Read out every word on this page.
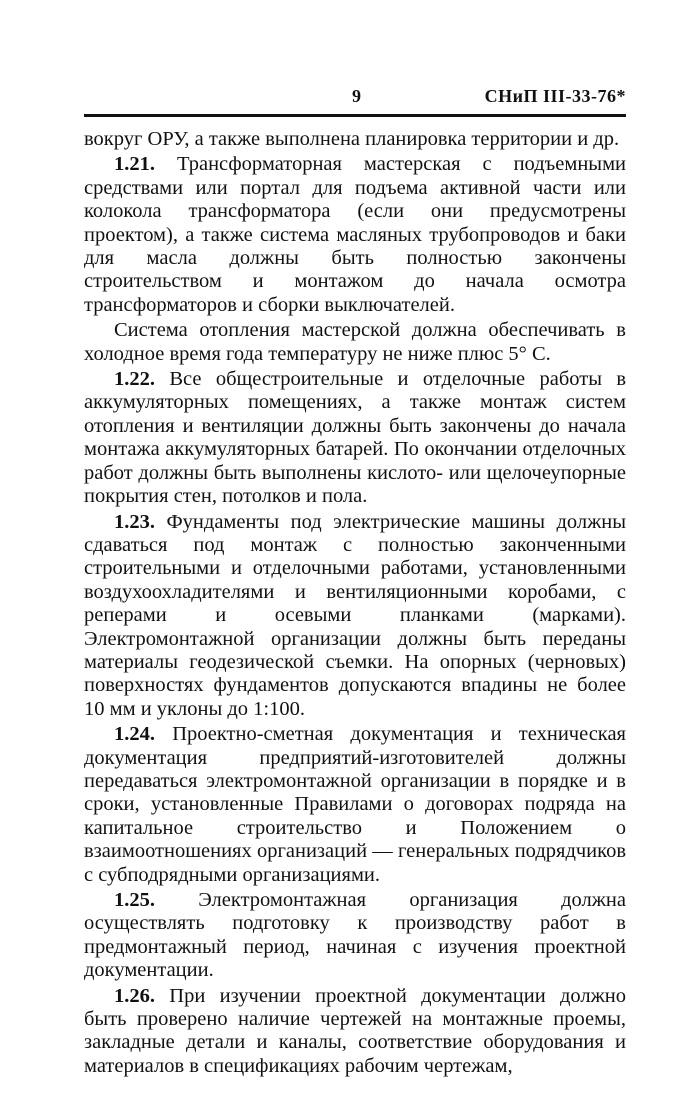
9	СНиП III-33-76*

вокруг ОРУ, а также выполнена планировка территории и др.

1.21. Трансформаторная мастерская с подъемными средствами или портал для подъема активной части или колокола трансформатора (если они предусмотрены проектом), а также система масляных трубопроводов и баки для масла должны быть полностью закончены строительством и монтажом до начала осмотра трансформаторов и сборки выключателей.

Система отопления мастерской должна обеспечивать в холодное время года температуру не ниже плюс 5° С.

1.22. Все общестроительные и отделочные работы в аккумуляторных помещениях, а также монтаж систем отопления и вентиляции должны быть закончены до начала монтажа аккумуляторных батарей. По окончании отделочных работ должны быть выполнены кислото- или щелочеупорные покрытия стен, потолков и пола.

1.23. Фундаменты под электрические машины должны сдаваться под монтаж с полностью законченными строительными и отделочными работами, установленными воздухоохладителями и вентиляционными коробами, с реперами и осевыми планками (марками). Электромонтажной организации должны быть переданы материалы геодезической съемки. На опорных (черновых) поверхностях фундаментов допускаются впадины не более 10 мм и уклоны до 1:100.

1.24. Проектно-сметная документация и техническая документация предприятий-изготовителей должны передаваться электромонтажной организации в порядке и в сроки, установленные Правилами о договорах подряда на капитальное строительство и Положением о взаимоотношениях организаций — генеральных подрядчиков с субподрядными организациями.

1.25. Электромонтажная организация должна осуществлять подготовку к производству работ в предмонтажный период, начиная с изучения проектной документации.

1.26. При изучении проектной документации должно быть проверено наличие чертежей на монтажные проемы, закладные детали и каналы, соответствие оборудования и материалов в спецификациях рабочим чертежам,
